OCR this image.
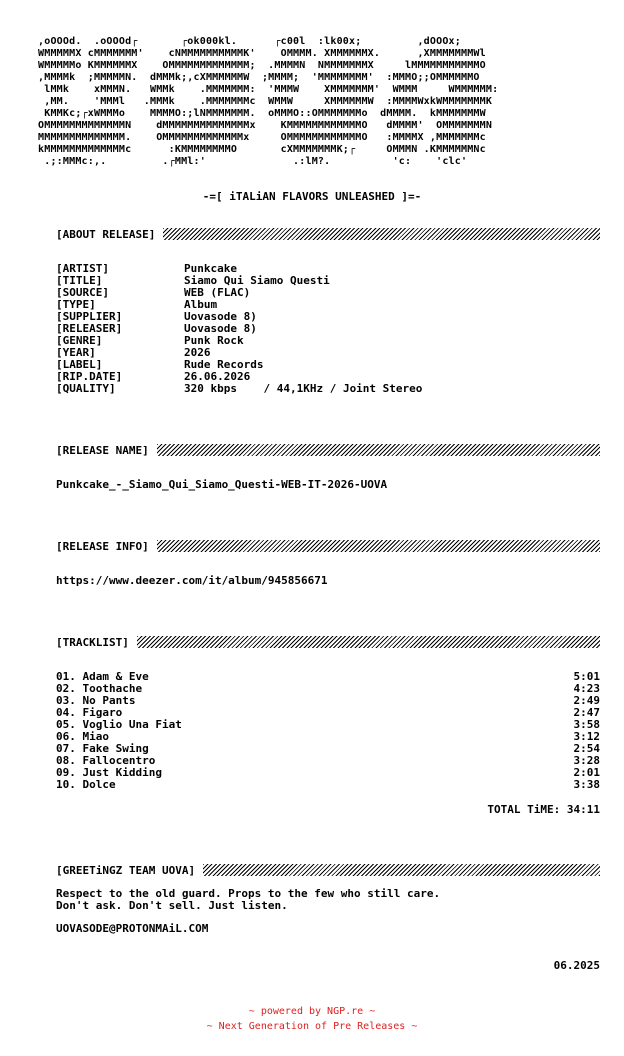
,oOOOd.  .oOOOd┌       ┌ok000kl.      ┌c00l  :lk00x;         ,dOOOx;
WMMMMMX cMMMMMMM'    cNMMMMMMMMMMK'    OMMMM. XMMMMMMX.      ,XMMMMMMMWl
WMMMMMo KMMMMMMX    OMMMMMMMMMMMMM;  .MMMMN  NMMMMMMMX     lMMMMMMMMMMMO
,MMMMk  ;MMMMMN.  dMMMk;,cXMMMMMMW  ;MMMM;  'MMMMMMMM'  :MMMO;;OMMMMMMO
lMMk    xMMMN.   WMMk    .MMMMMMM:  'MMMW    XMMMMMMM'  WMMM     WMMMMMM:
,MM.    'MMMl   .MMMk    .MMMMMMMc  WMMW     XMMMMMMW  :MMMMWxkWMMMMMMMK
KMMKc;┌xWMMMo    MMMMO:;lNMMMMMMM.  oMMMO::OMMMMMMMo  dMMMM.  kMMMMMMMW
OMMMMMMMMMMMMMN    dMMMMMMMMMMMMMMx    KMMMMMMMMMMMMO   dMMMM'  OMMMMMMMN
MMMMMMMMMMMMMM.    OMMMMMMMMMMMMMx     OMMMMMMMMMMMMO   :MMMMX ,MMMMMMMc
kMMMMMMMMMMMMMc      :KMMMMMMMMO       cXMMMMMMMK;┌     OMMMN .KMMMMMMNc
.;:MMMc:,.         .┌MMl:'              .:lM?.          'c:    'clc'
-=[ iTALiAN FLAVORS UNLEASHED ]=-
[ABOUT RELEASE]
[ARTIST]	Punkcake
[TITLE]	Siamo Qui Siamo Questi
[SOURCE]	WEB (FLAC)
[TYPE]	Album
[SUPPLIER]	Uovasode 8)
[RELEASER]	Uovasode 8)
[GENRE]	Punk Rock
[YEAR]	2026
[LABEL]	Rude Records
[RIP.DATE]	26.06.2026
[QUALITY]	320 kbps    / 44,1KHz / Joint Stereo
[RELEASE NAME]
Punkcake_-_Siamo_Qui_Siamo_Questi-WEB-IT-2026-UOVA
[RELEASE INFO]
https://www.deezer.com/it/album/945856671
[TRACKLIST]
01. Adam & Eve	5:01
02. Toothache	4:23
03. No Pants	2:49
04. Figaro	2:47
05. Voglio Una Fiat	3:58
06. Miao	3:12
07. Fake Swing	2:54
08. Fallocentro	3:28
09. Just Kidding	2:01
10. Dolce	3:38
TOTAL TiME: 34:11
[GREETiNGZ TEAM UOVA]
Respect to the old guard. Props to the few who still care.
Don't ask. Don't sell. Just listen.
UOVASODE@PROTONMAiL.COM
06.2025
~ powered by NGP.re ~
~ Next Generation of Pre Releases ~
